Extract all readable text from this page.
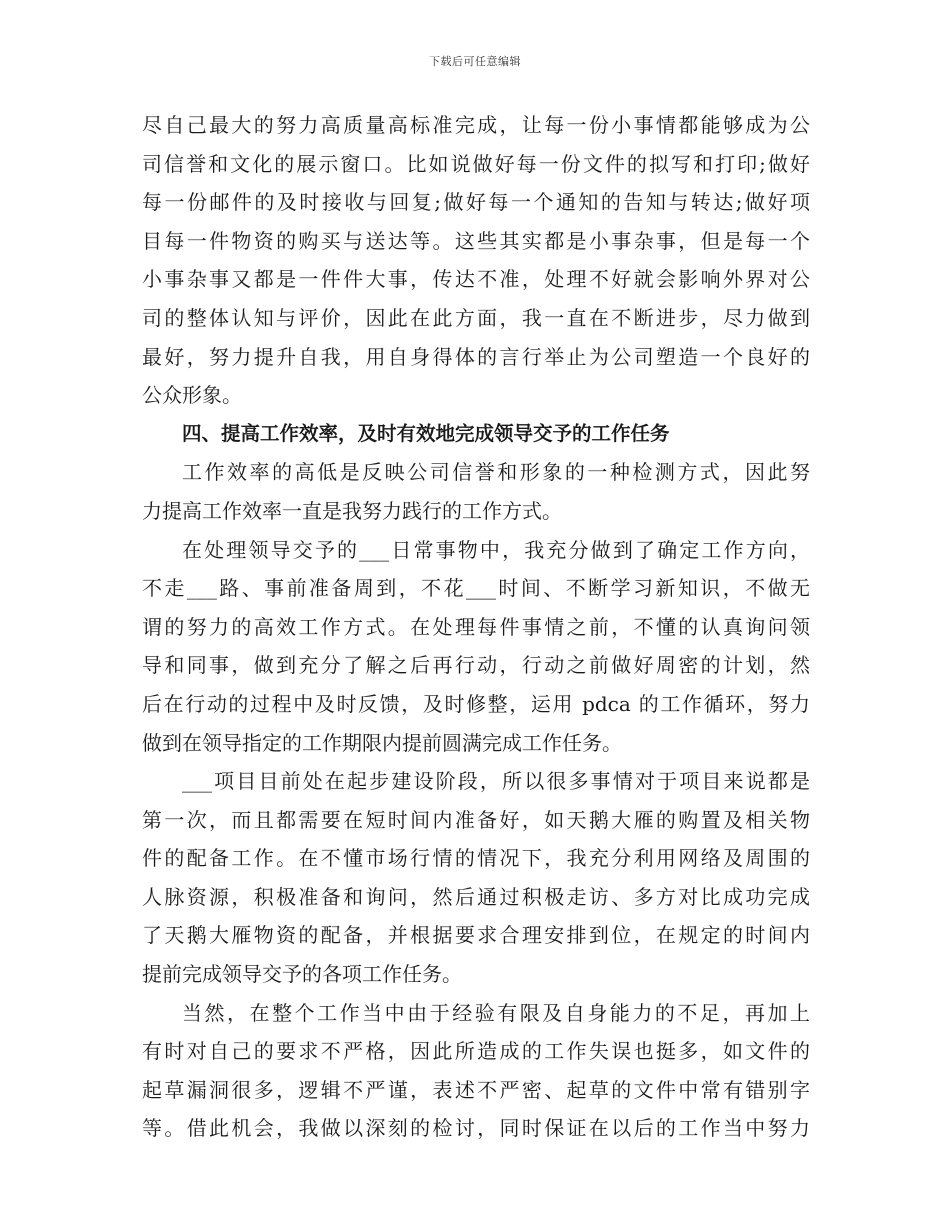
下载后可任意编辑
尽自己最大的努力高质量高标准完成，让每一份小事情都能够成为公
司信誉和文化的展示窗口。比如说做好每一份文件的拟写和打印;做好
每一份邮件的及时接收与回复;做好每一个通知的告知与转达;做好项
目每一件物资的购买与送达等。这些其实都是小事杂事，但是每一个
小事杂事又都是一件件大事，传达不准，处理不好就会影响外界对公
司的整体认知与评价，因此在此方面，我一直在不断进步，尽力做到
最好，努力提升自我，用自身得体的言行举止为公司塑造一个良好的
公众形象。
四、提高工作效率，及时有效地完成领导交予的工作任务
工作效率的高低是反映公司信誉和形象的一种检测方式，因此努
力提高工作效率一直是我努力践行的工作方式。
在处理领导交予的___日常事物中，我充分做到了确定工作方向，
不走___路、事前准备周到，不花___时间、不断学习新知识，不做无
谓的努力的高效工作方式。在处理每件事情之前，不懂的认真询问领
导和同事，做到充分了解之后再行动，行动之前做好周密的计划，然
后在行动的过程中及时反馈，及时修整，运用 pdca 的工作循环，努力
做到在领导指定的工作期限内提前圆满完成工作任务。
___项目目前处在起步建设阶段，所以很多事情对于项目来说都是
第一次，而且都需要在短时间内准备好，如天鹅大雁的购置及相关物
件的配备工作。在不懂市场行情的情况下，我充分利用网络及周围的
人脉资源，积极准备和询问，然后通过积极走访、多方对比成功完成
了天鹅大雁物资的配备，并根据要求合理安排到位，在规定的时间内
提前完成领导交予的各项工作任务。
当然，在整个工作当中由于经验有限及自身能力的不足，再加上
有时对自己的要求不严格，因此所造成的工作失误也挺多，如文件的
起草漏洞很多，逻辑不严谨，表述不严密、起草的文件中常有错别字
等。借此机会，我做以深刻的检讨，同时保证在以后的工作当中努力
